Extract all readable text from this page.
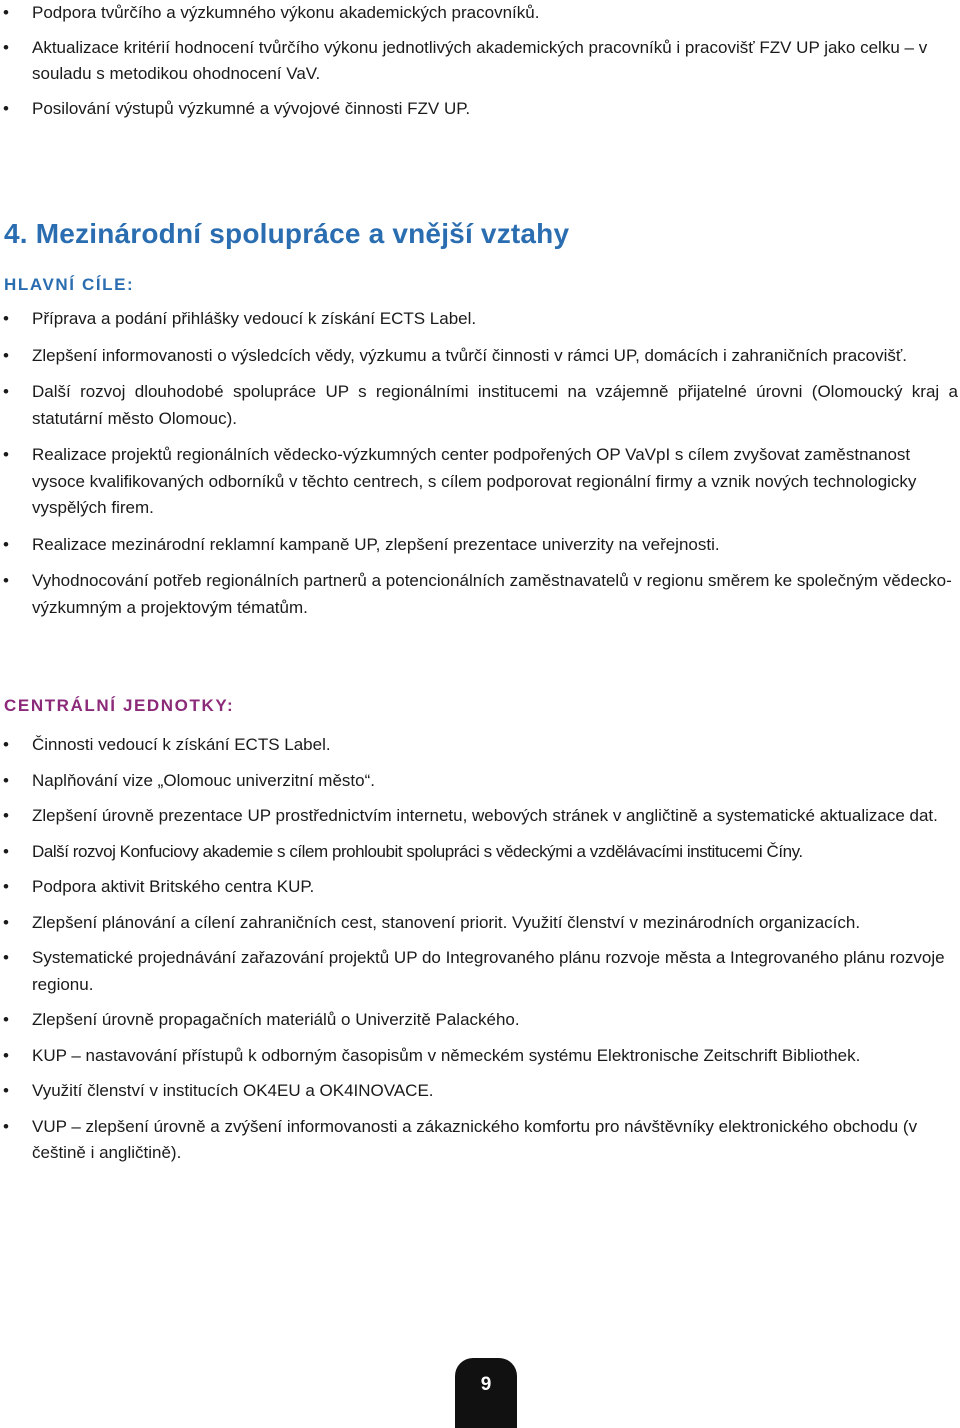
• Podpora tvůrčího a výzkumného výkonu akademických pracovníků.
• Aktualizace kritérií hodnocení tvůrčího výkonu jednotlivých akademických pracovníků i pracovišť FZV UP jako celku – v souladu s metodikou ohodnocení VaV.
• Posilování výstupů výzkumné a vývojové činnosti FZV UP.
4. Mezinárodní spolupráce a vnější vztahy
HLAVNÍ CÍLE:
• Příprava a podání přihlášky vedoucí k získání ECTS Label.
• Zlepšení informovanosti o výsledcích vědy, výzkumu a tvůrčí činnosti v rámci UP, domácích i zahraničních pracovišť.
• Další rozvoj dlouhodobé spolupráce UP s regionálními institucemi na vzájemně přijatelné úrovni (Olomoucký kraj a statutární město Olomouc).
• Realizace projektů regionálních vědecko-výzkumných center podpořených OP VaVpI s cílem zvyšovat zaměstnanost vysoce kvalifikovaných odborníků v těchto centrech, s cílem podporovat regionální firmy a vznik nových technologicky vyspělých firem.
• Realizace mezinárodní reklamní kampaně UP, zlepšení prezentace univerzity na veřejnosti.
• Vyhodnocování potřeb regionálních partnerů a potencionálních zaměstnavatelů v regionu směrem ke společným vědecko-výzkumným a projektovým tématům.
CENTRÁLNÍ JEDNOTKY:
• Činnosti vedoucí k získání ECTS Label.
• Naplňování vize „Olomouc univerzitní město“.
• Zlepšení úrovně prezentace UP prostřednictvím internetu, webových stránek v angličtině a systematické aktualizace dat.
• Další rozvoj Konfuciovy akademie s cílem prohloubit spolupráci s vědeckými a vzdělávacími institucemi Číny.
• Podpora aktivit Britského centra KUP.
• Zlepšení plánování a cílení zahraničních cest, stanovení priorit. Využití členství v mezinárodních organizacích.
• Systematické projednávání zařazování projektů UP do Integrovaného plánu rozvoje města a Integrovaného plánu rozvoje regionu.
• Zlepšení úrovně propagačních materiálů o Univerzitě Palackého.
• KUP – nastavování přístupů k odborným časopisům v německém systému Elektronische Zeitschrift Bibliothek.
• Využití členství v institucích OK4EU a OK4INOVACE.
• VUP – zlepšení úrovně a zvýšení informovanosti a zákaznického komfortu pro návštěvníky elektronického obchodu (v češtině i angličtině).
9
